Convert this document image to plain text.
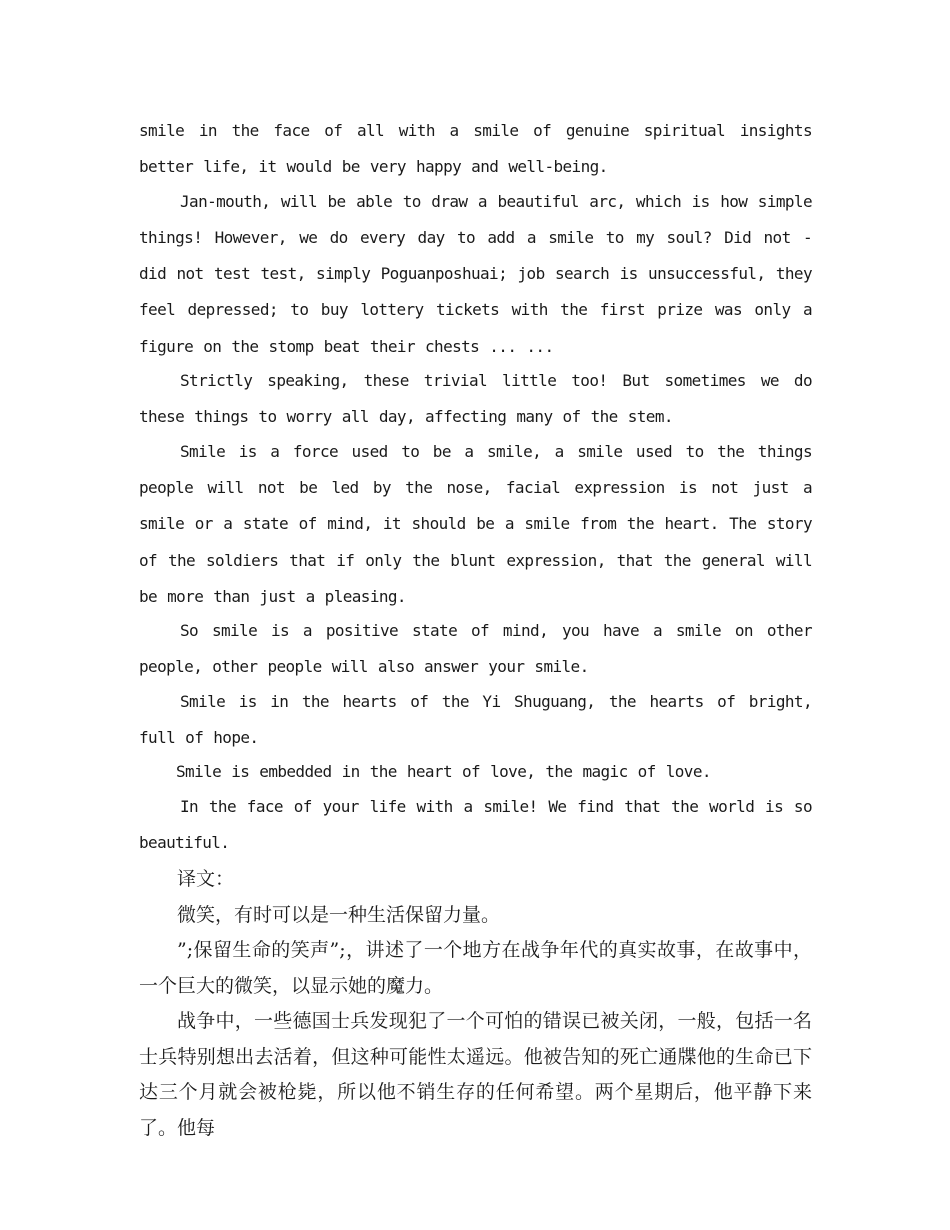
smile in the face of all with a smile of genuine spiritual insights better life, it would be very happy and well-being.

Jan-mouth, will be able to draw a beautiful arc, which is how simple things! However, we do every day to add a smile to my soul? Did not - did not test test, simply Poguanposhuai; job search is unsuccessful, they feel depressed; to buy lottery tickets with the first prize was only a figure on the stomp beat their chests ... ...

Strictly speaking, these trivial little too! But sometimes we do these things to worry all day, affecting many of the stem.

Smile is a force used to be a smile, a smile used to the things people will not be led by the nose, facial expression is not just a smile or a state of mind, it should be a smile from the heart. The story of the soldiers that if only the blunt expression, that the general will be more than just a pleasing.

So smile is a positive state of mind, you have a smile on other people, other people will also answer your smile.

Smile is in the hearts of the Yi Shuguang, the hearts of bright, full of hope.

Smile is embedded in the heart of love, the magic of love.

In the face of your life with a smile! We find that the world is so beautiful.

译文：

微笑，有时可以是一种生活保留力量。

”;保留生命的笑声”;，讲述了一个地方在战争年代的真实故事，在故事中，一个巨大的微笑，以显示她的魔力。

战争中，一些德国士兵发现犯了一个可怕的错误已被关闭，一般，包括一名士兵特别想出去活着，但这种可能性太遥远。他被告知的死亡通牒他的生命已下达三个月就会被枪毙，所以他不销生存的任何希望。两个星期后，他平静下来了。他每
